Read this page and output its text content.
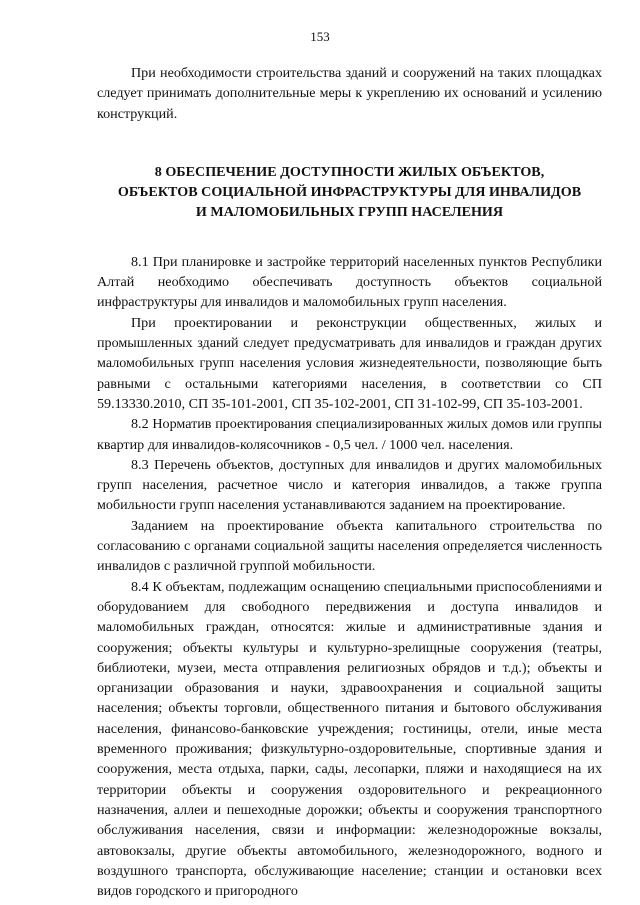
153

При необходимости строительства зданий и сооружений на таких площадках следует принимать дополнительные меры к укреплению их оснований и усилению конструкций.

8 ОБЕСПЕЧЕНИЕ ДОСТУПНОСТИ ЖИЛЫХ ОБЪЕКТОВ,
ОБЪЕКТОВ СОЦИАЛЬНОЙ ИНФРАСТРУКТУРЫ ДЛЯ ИНВАЛИДОВ
И МАЛОМОБИЛЬНЫХ ГРУПП НАСЕЛЕНИЯ

8.1 При планировке и застройке территорий населенных пунктов Республики Алтай необходимо обеспечивать доступность объектов социальной инфраструктуры для инвалидов и маломобильных групп населения.

При проектировании и реконструкции общественных, жилых и промышленных зданий следует предусматривать для инвалидов и граждан других маломобильных групп населения условия жизнедеятельности, позволяющие быть равными с остальными категориями населения, в соответствии со СП 59.13330.2010, СП 35-101-2001, СП 35-102-2001, СП 31-102-99, СП 35-103-2001.

8.2 Норматив проектирования специализированных жилых домов или группы квартир для инвалидов-колясочников - 0,5 чел. / 1000 чел. населения.

8.3 Перечень объектов, доступных для инвалидов и других маломобильных групп населения, расчетное число и категория инвалидов, а также группа мобильности групп населения устанавливаются заданием на проектирование.

Заданием на проектирование объекта капитального строительства по согласованию с органами социальной защиты населения определяется численность инвалидов с различной группой мобильности.

8.4 К объектам, подлежащим оснащению специальными приспособлениями и оборудованием для свободного передвижения и доступа инвалидов и маломобильных граждан, относятся: жилые и административные здания и сооружения; объекты культуры и культурно-зрелищные сооружения (театры, библиотеки, музеи, места отправления религиозных обрядов и т.д.); объекты и организации образования и науки, здравоохранения и социальной защиты населения; объекты торговли, общественного питания и бытового обслуживания населения, финансово-банковские учреждения; гостиницы, отели, иные места временного проживания; физкультурно-оздоровительные, спортивные здания и сооружения, места отдыха, парки, сады, лесопарки, пляжи и находящиеся на их территории объекты и сооружения оздоровительного и рекреационного назначения, аллеи и пешеходные дорожки; объекты и сооружения транспортного обслуживания населения, связи и информации: железнодорожные вокзалы, автовокзалы, другие объекты автомобильного, железнодорожного, водного и воздушного транспорта, обслуживающие население; станции и остановки всех видов городского и пригородного
